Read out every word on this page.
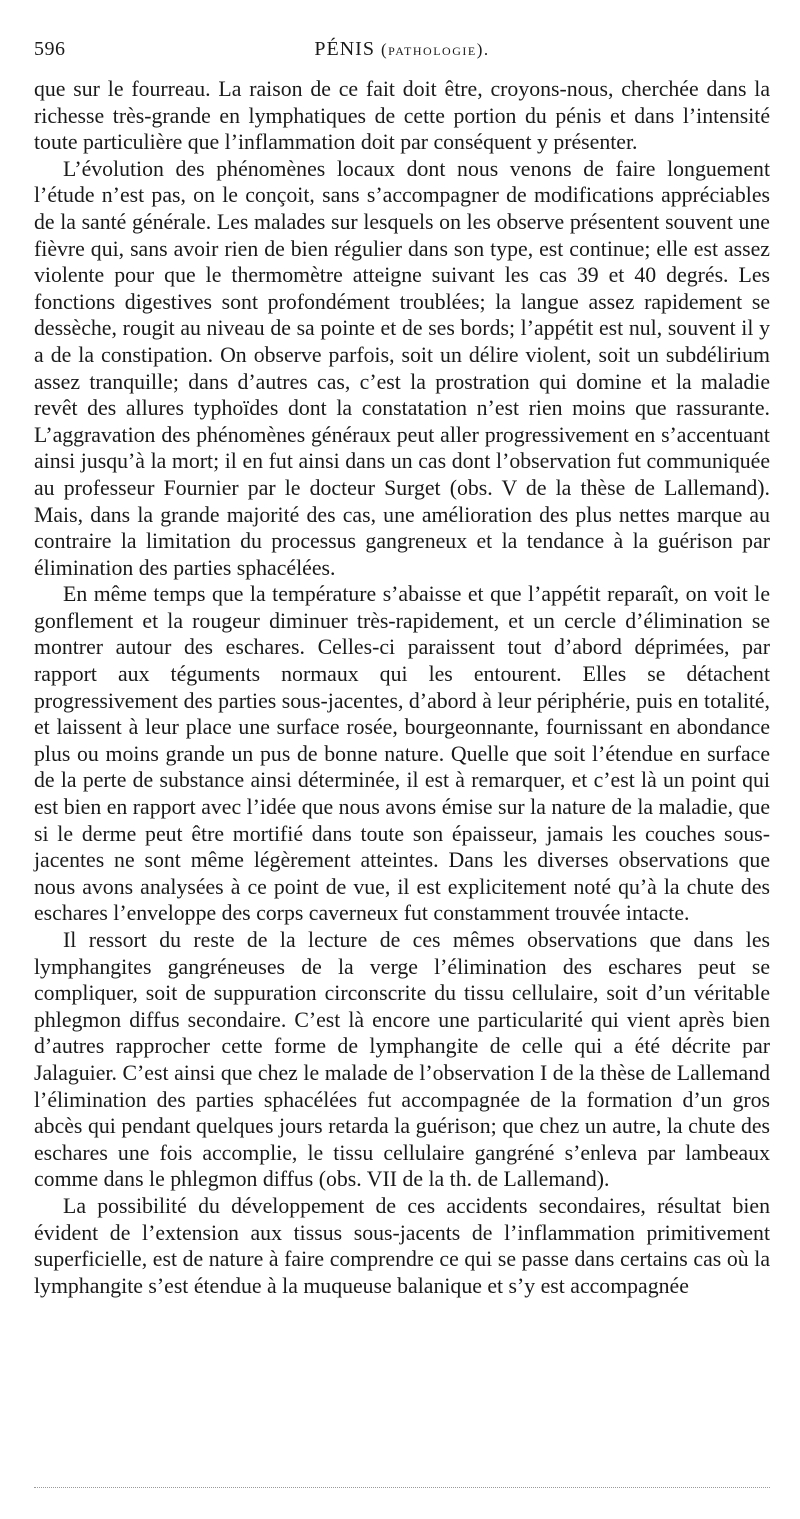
596	PÉNIS (pathologie).

que sur le fourreau. La raison de ce fait doit être, croyons-nous, cherchée dans la richesse très-grande en lymphatiques de cette portion du pénis et dans l’intensité toute particulière que l’inflammation doit par conséquent y présenter.

L’évolution des phénomènes locaux dont nous venons de faire longuement l’étude n’est pas, on le conçoit, sans s’accompagner de modifications appréciables de la santé générale. Les malades sur lesquels on les observe présentent souvent une fièvre qui, sans avoir rien de bien régulier dans son type, est continue; elle est assez violente pour que le thermomètre atteigne suivant les cas 39 et 40 degrés. Les fonctions digestives sont profondément troublées; la langue assez rapidement se dessèche, rougit au niveau de sa pointe et de ses bords; l’appétit est nul, souvent il y a de la constipation. On observe parfois, soit un délire violent, soit un subdélirium assez tranquille; dans d’autres cas, c’est la prostration qui domine et la maladie revêt des allures typhoïdes dont la constatation n’est rien moins que rassurante. L’aggravation des phénomènes généraux peut aller progressivement en s’accentuant ainsi jusqu’à la mort; il en fut ainsi dans un cas dont l’observation fut communiquée au professeur Fournier par le docteur Surget (obs. V de la thèse de Lallemand). Mais, dans la grande majorité des cas, une amélioration des plus nettes marque au contraire la limitation du processus gangreneux et la tendance à la guérison par élimination des parties sphacélées.

En même temps que la température s’abaisse et que l’appétit reparaît, on voit le gonflement et la rougeur diminuer très-rapidement, et un cercle d’élimination se montrer autour des eschares. Celles-ci paraissent tout d’abord déprimées, par rapport aux téguments normaux qui les entourent. Elles se détachent progressivement des parties sous-jacentes, d’abord à leur périphérie, puis en totalité, et laissent à leur place une surface rosée, bourgeonnante, fournissant en abondance plus ou moins grande un pus de bonne nature. Quelle que soit l’étendue en surface de la perte de substance ainsi déterminée, il est à remarquer, et c’est là un point qui est bien en rapport avec l’idée que nous avons émise sur la nature de la maladie, que si le derme peut être mortifié dans toute son épaisseur, jamais les couches sous-jacentes ne sont même légèrement atteintes. Dans les diverses observations que nous avons analysées à ce point de vue, il est explicitement noté qu’à la chute des eschares l’enveloppe des corps caverneux fut constamment trouvée intacte.

Il ressort du reste de la lecture de ces mêmes observations que dans les lymphangites gangréneuses de la verge l’élimination des eschares peut se compliquer, soit de suppuration circonscrite du tissu cellulaire, soit d’un véritable phlegmon diffus secondaire. C’est là encore une particularité qui vient après bien d’autres rapprocher cette forme de lymphangite de celle qui a été décrite par Jalaguier. C’est ainsi que chez le malade de l’observation I de la thèse de Lallemand l’élimination des parties sphacélées fut accompagnée de la formation d’un gros abcès qui pendant quelques jours retarda la guérison; que chez un autre, la chute des eschares une fois accomplie, le tissu cellulaire gangréné s’enleva par lambeaux comme dans le phlegmon diffus (obs. VII de la th. de Lallemand).

La possibilité du développement de ces accidents secondaires, résultat bien évident de l’extension aux tissus sous-jacents de l’inflammation primitivement superficielle, est de nature à faire comprendre ce qui se passe dans certains cas où la lymphangite s’est étendue à la muqueuse balanique et s’y est accompagnée
